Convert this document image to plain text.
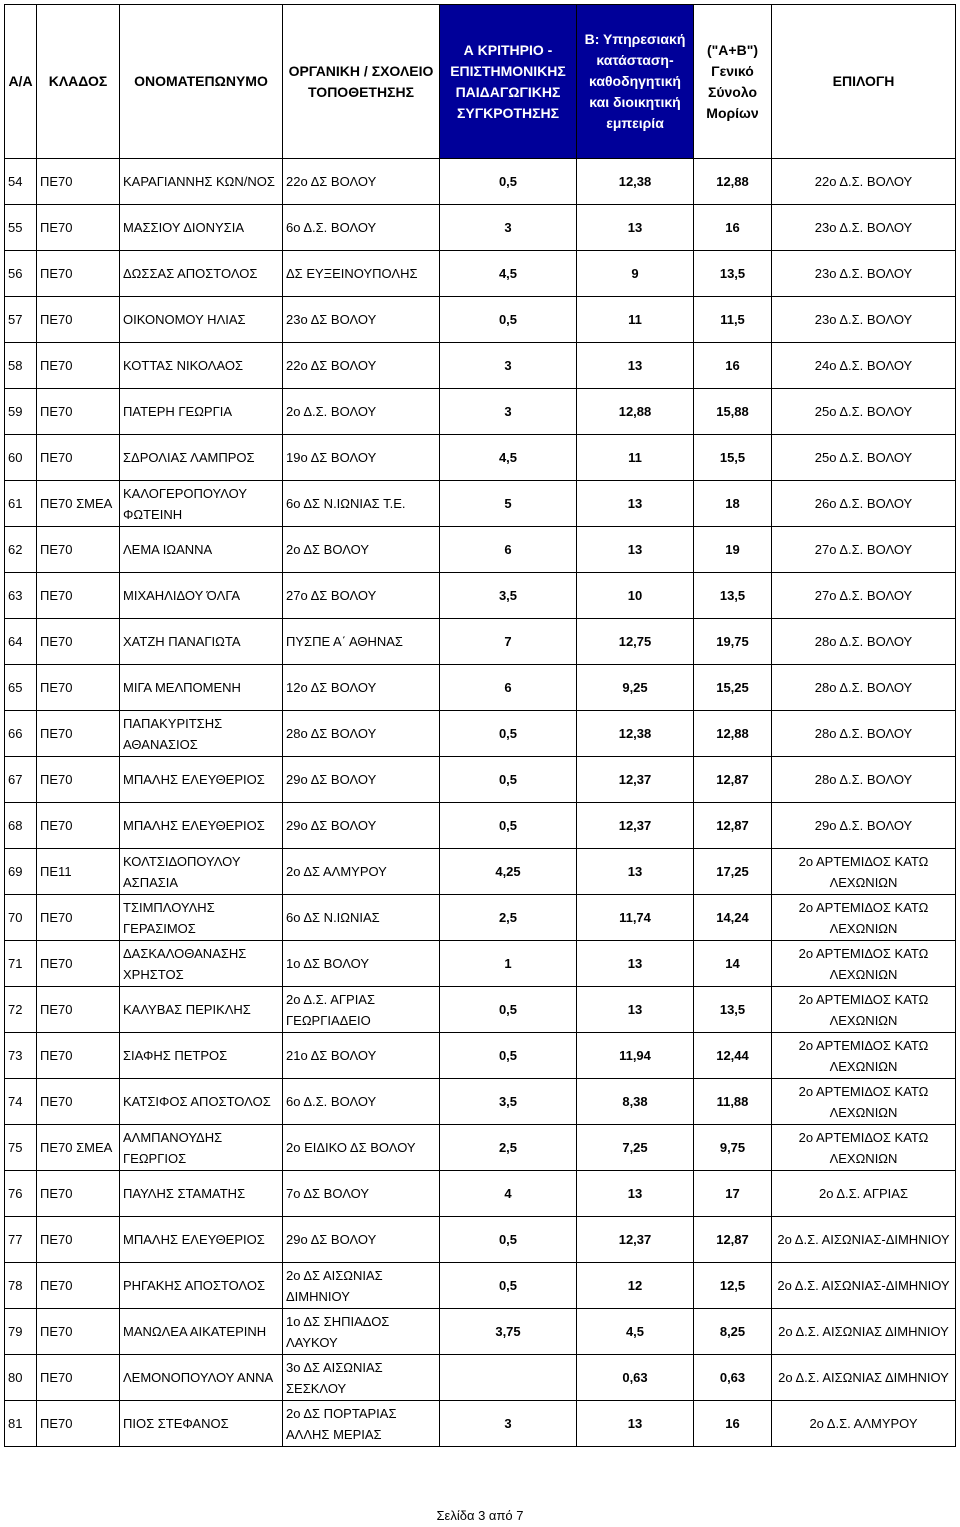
Α/Α	ΚΛΑΔΟΣ	ΟΝΟΜΑΤΕΠΩΝΥΜΟ	ΟΡΓΑΝΙΚΗ / ΣΧΟΛΕΙΟ ΤΟΠΟΘΕΤΗΣΗΣ	Α ΚΡΙΤΗΡΙΟ - ΕΠΙΣΤΗΜΟΝΙΚΗΣ ΠΑΙΔΑΓΩΓΙΚΗΣ ΣΥΓΚΡΟΤΗΣΗΣ	Β: Υπηρεσιακή κατάσταση- καθοδηγητική και διοικητική εμπειρία	("Α+Β") Γενικό Σύνολο Μορίων	ΕΠΙΛΟΓΗ
54	ΠΕ70	ΚΑΡΑΓΙΑΝΝΗΣ ΚΩΝ/ΝΟΣ	22ο ΔΣ ΒΟΛΟΥ	0,5	12,38	12,88	22ο Δ.Σ. ΒΟΛΟΥ
55	ΠΕ70	ΜΑΣΣΙΟΥ ΔΙΟΝΥΣΙΑ	6ο Δ.Σ. ΒΟΛΟΥ	3	13	16	23ο Δ.Σ. ΒΟΛΟΥ
56	ΠΕ70	ΔΩΣΣΑΣ ΑΠΟΣΤΟΛΟΣ	ΔΣ ΕΥΞΕΙΝΟΥΠΟΛΗΣ	4,5	9	13,5	23ο Δ.Σ. ΒΟΛΟΥ
57	ΠΕ70	ΟΙΚΟΝΟΜΟΥ ΗΛΙΑΣ	23ο ΔΣ ΒΟΛΟΥ	0,5	11	11,5	23ο Δ.Σ. ΒΟΛΟΥ
58	ΠΕ70	ΚΟΤΤΑΣ ΝΙΚΟΛΑΟΣ	22ο ΔΣ ΒΟΛΟΥ	3	13	16	24ο Δ.Σ. ΒΟΛΟΥ
59	ΠΕ70	ΠΑΤΕΡΗ ΓΕΩΡΓΙΑ	2ο Δ.Σ. ΒΟΛΟΥ	3	12,88	15,88	25ο Δ.Σ. ΒΟΛΟΥ
60	ΠΕ70	ΣΔΡΟΛΙΑΣ ΛΑΜΠΡΟΣ	19ο ΔΣ ΒΟΛΟΥ	4,5	11	15,5	25ο Δ.Σ. ΒΟΛΟΥ
61	ΠΕ70 ΣΜΕΑ	ΚΑΛΟΓΕΡΟΠΟΥΛΟΥ ΦΩΤΕΙΝΗ	6ο ΔΣ Ν.ΙΩΝΙΑΣ Τ.Ε.	5	13	18	26ο Δ.Σ. ΒΟΛΟΥ
62	ΠΕ70	ΛΕΜΑ ΙΩΑΝΝΑ	2ο ΔΣ ΒΟΛΟΥ	6	13	19	27ο Δ.Σ. ΒΟΛΟΥ
63	ΠΕ70	ΜΙΧΑΗΛΙΔΟΥ ΌΛΓΑ	27ο ΔΣ ΒΟΛΟΥ	3,5	10	13,5	27ο Δ.Σ. ΒΟΛΟΥ
64	ΠΕ70	ΧΑΤΖΗ ΠΑΝΑΓΙΩΤΑ	ΠΥΣΠΕ Α΄ ΑΘΗΝΑΣ	7	12,75	19,75	28ο Δ.Σ. ΒΟΛΟΥ
65	ΠΕ70	ΜΙΓΑ ΜΕΛΠΟΜΕΝΗ	12ο ΔΣ ΒΟΛΟΥ	6	9,25	15,25	28ο Δ.Σ. ΒΟΛΟΥ
66	ΠΕ70	ΠΑΠΑΚΥΡΙΤΣΗΣ ΑΘΑΝΑΣΙΟΣ	28ο ΔΣ ΒΟΛΟΥ	0,5	12,38	12,88	28ο Δ.Σ. ΒΟΛΟΥ
67	ΠΕ70	ΜΠΑΛΗΣ ΕΛΕΥΘΕΡΙΟΣ	29ο ΔΣ ΒΟΛΟΥ	0,5	12,37	12,87	28ο Δ.Σ. ΒΟΛΟΥ
68	ΠΕ70	ΜΠΑΛΗΣ ΕΛΕΥΘΕΡΙΟΣ	29ο ΔΣ ΒΟΛΟΥ	0,5	12,37	12,87	29ο Δ.Σ. ΒΟΛΟΥ
69	ΠΕ11	ΚΟΛΤΣΙΔΟΠΟΥΛΟΥ ΑΣΠΑΣΙΑ	2ο ΔΣ ΑΛΜΥΡΟΥ	4,25	13	17,25	2ο ΑΡΤΕΜΙΔΟΣ ΚΑΤΩ ΛΕΧΩΝΙΩΝ
70	ΠΕ70	ΤΣΙΜΠΛΟΥΛΗΣ ΓΕΡΑΣΙΜΟΣ	6ο ΔΣ Ν.ΙΩΝΙΑΣ	2,5	11,74	14,24	2ο ΑΡΤΕΜΙΔΟΣ ΚΑΤΩ ΛΕΧΩΝΙΩΝ
71	ΠΕ70	ΔΑΣΚΑΛΟΘΑΝΑΣΗΣ ΧΡΗΣΤΟΣ	1ο ΔΣ ΒΟΛΟΥ	1	13	14	2ο ΑΡΤΕΜΙΔΟΣ ΚΑΤΩ ΛΕΧΩΝΙΩΝ
72	ΠΕ70	ΚΑΛΥΒΑΣ ΠΕΡΙΚΛΗΣ	2ο Δ.Σ. ΑΓΡΙΑΣ ΓΕΩΡΓΙΑΔΕΙΟ	0,5	13	13,5	2ο ΑΡΤΕΜΙΔΟΣ ΚΑΤΩ ΛΕΧΩΝΙΩΝ
73	ΠΕ70	ΣΙΑΦΗΣ ΠΕΤΡΟΣ	21ο ΔΣ ΒΟΛΟΥ	0,5	11,94	12,44	2ο ΑΡΤΕΜΙΔΟΣ ΚΑΤΩ ΛΕΧΩΝΙΩΝ
74	ΠΕ70	ΚΑΤΣΙΦΟΣ ΑΠΟΣΤΟΛΟΣ	6ο Δ.Σ. ΒΟΛΟΥ	3,5	8,38	11,88	2ο ΑΡΤΕΜΙΔΟΣ ΚΑΤΩ ΛΕΧΩΝΙΩΝ
75	ΠΕ70 ΣΜΕΑ	ΑΛΜΠΑΝΟΥΔΗΣ ΓΕΩΡΓΙΟΣ	2ο ΕΙΔΙΚΟ ΔΣ ΒΟΛΟΥ	2,5	7,25	9,75	2ο ΑΡΤΕΜΙΔΟΣ ΚΑΤΩ ΛΕΧΩΝΙΩΝ
76	ΠΕ70	ΠΑΥΛΗΣ ΣΤΑΜΑΤΗΣ	7ο ΔΣ ΒΟΛΟΥ	4	13	17	2ο Δ.Σ. ΑΓΡΙΑΣ
77	ΠΕ70	ΜΠΑΛΗΣ ΕΛΕΥΘΕΡΙΟΣ	29ο ΔΣ ΒΟΛΟΥ	0,5	12,37	12,87	2ο Δ.Σ. ΑΙΣΩΝΙΑΣ-ΔΙΜΗΝΙΟΥ
78	ΠΕ70	ΡΗΓΑΚΗΣ ΑΠΟΣΤΟΛΟΣ	2ο ΔΣ ΑΙΣΩΝΙΑΣ ΔΙΜΗΝΙΟΥ	0,5	12	12,5	2ο Δ.Σ. ΑΙΣΩΝΙΑΣ-ΔΙΜΗΝΙΟΥ
79	ΠΕ70	ΜΑΝΩΛΕΑ ΑΙΚΑΤΕΡΙΝΗ	1ο ΔΣ ΣΗΠΙΑΔΟΣ ΛΑΥΚΟΥ	3,75	4,5	8,25	2ο Δ.Σ. ΑΙΣΩΝΙΑΣ ΔΙΜΗΝΙΟΥ
80	ΠΕ70	ΛΕΜΟΝΟΠΟΥΛΟΥ ΑΝΝΑ	3ο ΔΣ ΑΙΣΩΝΙΑΣ ΣΕΣΚΛΟΥ		0,63	0,63	2ο Δ.Σ. ΑΙΣΩΝΙΑΣ ΔΙΜΗΝΙΟΥ
81	ΠΕ70	ΠΙΟΣ ΣΤΕΦΑΝΟΣ	2ο ΔΣ ΠΟΡΤΑΡΙΑΣ ΑΛΛΗΣ ΜΕΡΙΑΣ	3	13	16	2ο Δ.Σ. ΑΛΜΥΡΟΥ
Σελίδα 3 από 7
